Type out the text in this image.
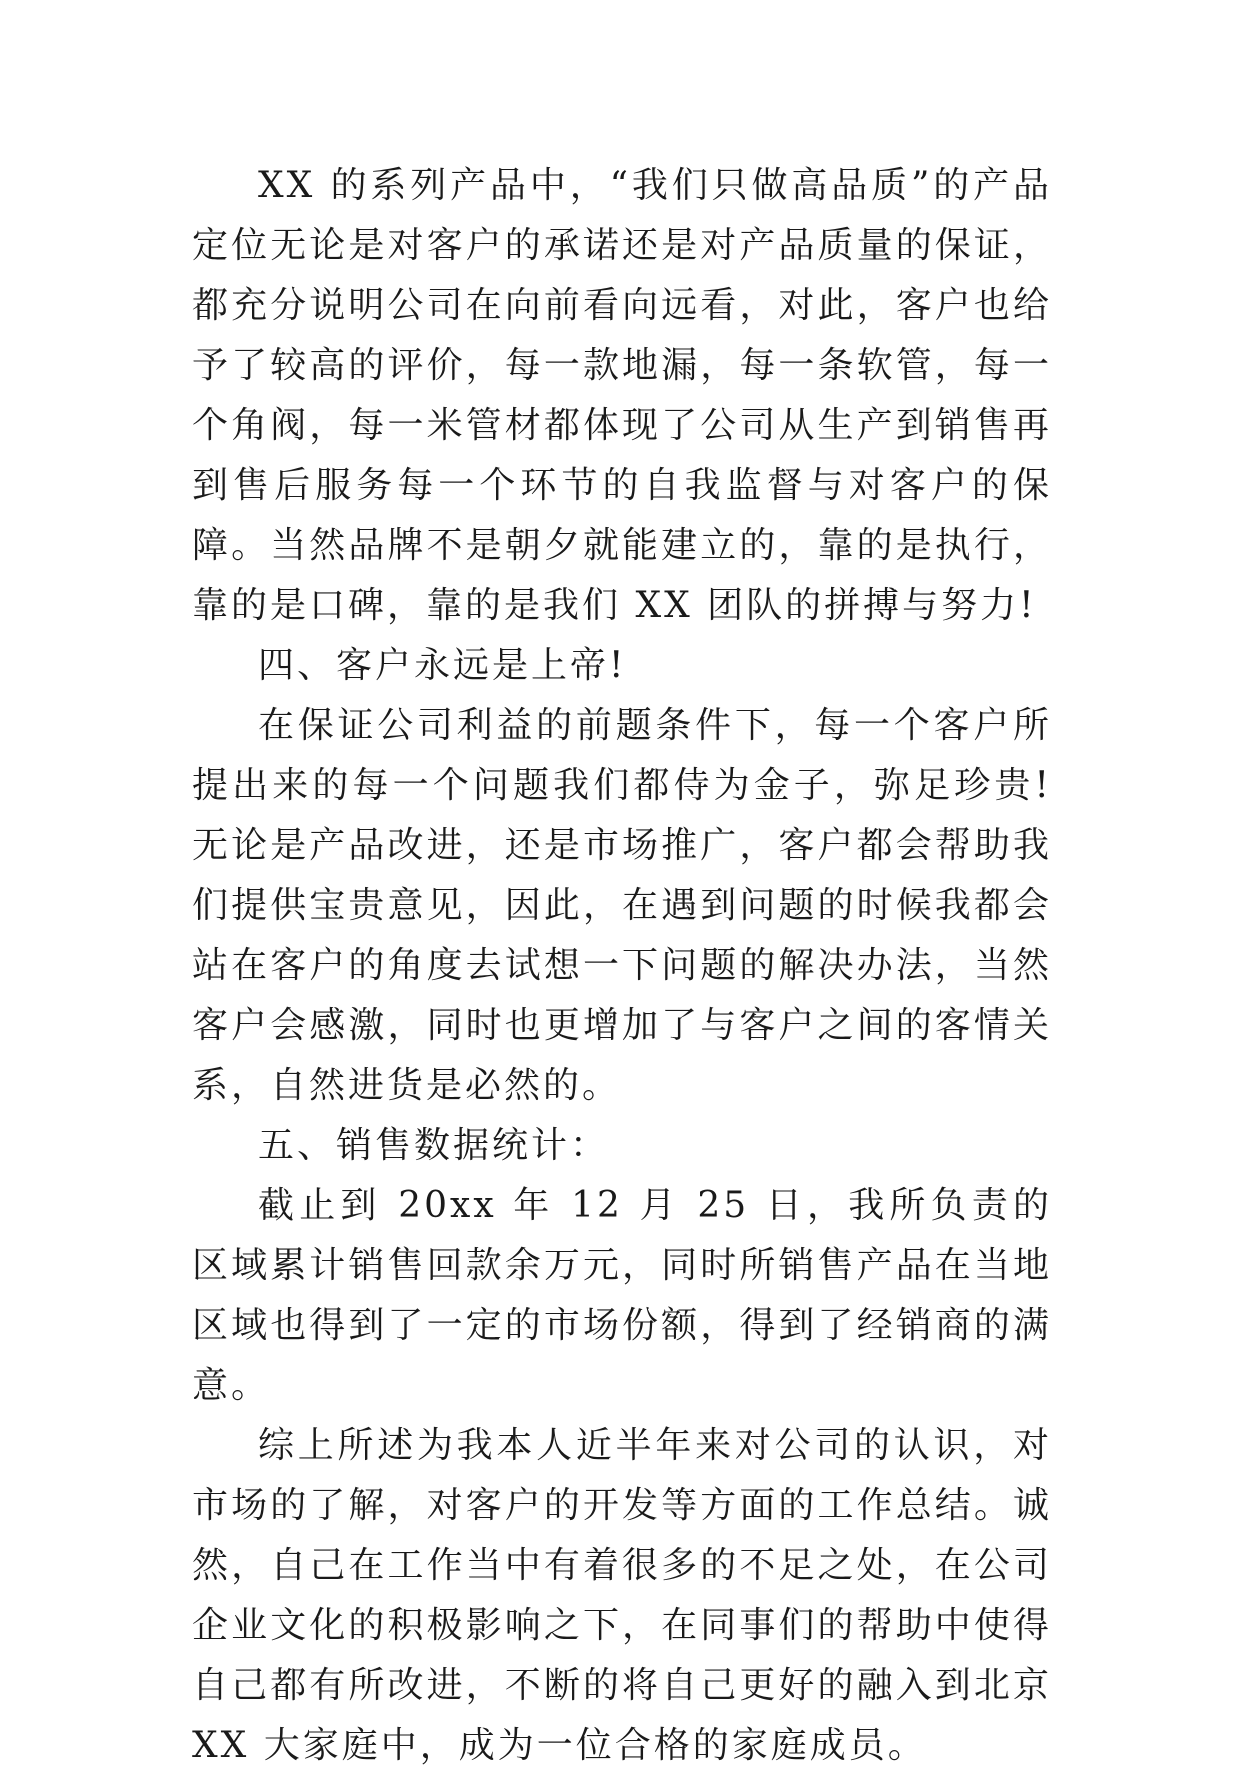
XX 的系列产品中，“我们只做高品质”的产品定位无论是对客户的承诺还是对产品质量的保证，都充分说明公司在向前看向远看，对此，客户也给予了较高的评价，每一款地漏，每一条软管，每一个角阀，每一米管材都体现了公司从生产到销售再到售后服务每一个环节的自我监督与对客户的保障。当然品牌不是朝夕就能建立的，靠的是执行，靠的是口碑，靠的是我们 XX 团队的拼搏与努力!

四、客户永远是上帝!

在保证公司利益的前题条件下，每一个客户所提出来的每一个问题我们都侍为金子，弥足珍贵!无论是产品改进，还是市场推广，客户都会帮助我们提供宝贵意见，因此，在遇到问题的时候我都会站在客户的角度去试想一下问题的解决办法，当然客户会感激，同时也更增加了与客户之间的客情关系，自然进货是必然的。

五、销售数据统计：

截止到 20xx 年 12 月 25 日，我所负责的区域累计销售回款余万元，同时所销售产品在当地区域也得到了一定的市场份额，得到了经销商的满意。

综上所述为我本人近半年来对公司的认识，对市场的了解，对客户的开发等方面的工作总结。诚然，自己在工作当中有着很多的不足之处，在公司企业文化的积极影响之下，在同事们的帮助中使得自己都有所改进，不断的将自己更好的融入到北京 XX 大家庭中，成为一位合格的家庭成员。
